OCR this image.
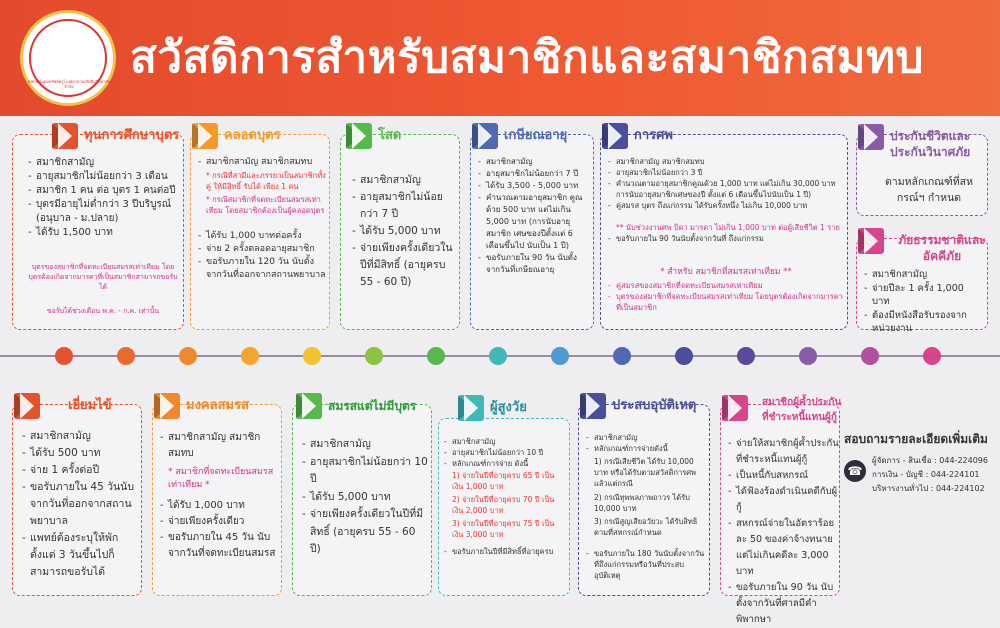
สหกรณ์ออมทรัพย์ครูโรงพยาบาลเลิดสินวิทยาลัย จำกัด
สวัสดิการสำหรับสมาชิกและสมาชิกสมทบ
ทุนการศึกษาบุตร
- สมาชิกสามัญ
- อายุสมาชิกไม่น้อยกว่า 3 เดือน
- สมาชิก 1 คน ต่อ บุตร 1 คนต่อปี
- บุตรมีอายุไม่ต่ำกว่า 3 ปีบริบูรณ์ (อนุบาล - ม.ปลาย)
- ได้รับ 1,500 บาท
บุตรของสมาชิกที่จดทะเบียนสมรสเท่าเทียม โดยบุตรต้องเกิดจากมารดาที่เป็นสมาชิกสามารถขอรับได้
ขอรับได้ช่วงเดือน พ.ค. - ก.ค. เท่านั้น
คลอดบุตร
- สมาชิกสามัญ สมาชิกสมทบ
* กรณีที่สามีและภรรยาเป็นสมาชิกทั้งคู่ ให้มีสิทธิ์ รับได้ เพียง 1 คน
* กรณีสมาชิกที่จดทะเบียนสมรสเท่าเทียม โดยสมาชิกต้องเป็นผู้คลอดบุตร
- ได้รับ 1,000 บาทต่อครั้ง
- จ่าย 2 ครั้งตลอดอายุสมาชิก
- ขอรับภายใน 120 วัน นับตั้งจากวันที่ออกจากสถานพยาบาล
โสด
- สมาชิกสามัญ
- อายุสมาชิกไม่น้อยกว่า 7 ปี
- ได้รับ 5,000 บาท
- จ่ายเพียงครั้งเดียวในปีที่มีสิทธิ์ (อายุครบ 55 - 60 ปี)
เกษียณอายุ
- สมาชิกสามัญ
- อายุสมาชิกไม่น้อยกว่า 7 ปี
- ได้รับ 3,500 - 5,000 บาท
- คำนวณตามอายุสมาชิก คูณด้วย 500 บาท แต่ไม่เกิน 5,000 บาท (การนับอายุสมาชิก เศษของปีตั้งแต่ 6 เดือนขึ้นไป นับเป็น 1 ปี)
- ขอรับภายใน 90 วัน นับตั้งจากวันที่เกษียณอายุ
การศพ
- สมาชิกสามัญ สมาชิกสมทบ
- อายุสมาชิกไม่น้อยกว่า 3 ปี
- คำนวณตามอายุสมาชิกคูณด้วย 1,000 บาท แต่ไม่เกิน 30,000 บาท การนับอายุสมาชิกเศษของปี ตั้งแต่ 6 เดือนขึ้นไปนับเป็น 1 ปี)
- คู่สมรส บุตร ถึงแก่กรรม ได้รับครั้งหนึ่ง ไม่เกิน 10,000 บาท
** นับช่วงงานศพ บิดา มารดา ไม่เกิน 1,000 บาท ต่อผู้เสียชีวิต 1 ราย
- ขอรับภายใน 90 วันนับตั้งจากวันที่ ถึงแก่กรรม
* สำหรับ สมาชิกที่สมรสเท่าเทียม **
- คู่สมรสของสมาชิกที่จดทะเบียนสมรสเท่าเทียม
- บุตรของสมาชิกที่จดทะเบียนสมรสเท่าเทียม โดยบุตรต้องเกิดจากมารดาที่เป็นสมาชิก
ประกันชีวิตและประกันวินาศภัย
ตามหลักเกณฑ์ที่สหกรณ์ฯ กำหนด
ภัยธรรมชาติและอัคคีภัย
- สมาชิกสามัญ
- จ่ายปีละ 1 ครั้ง 1,000 บาท
- ต้องมีหนังสือรับรองจากหน่วยงาน
เยี่ยมไข้
- สมาชิกสามัญ
- ได้รับ 500 บาท
- จ่าย 1 ครั้งต่อปี
- ขอรับภายใน 45 วันนับจากวันที่ออกจากสถานพยาบาล
- แพทย์ต้องระบุให้พักตั้งแต่ 3 วันขึ้นไปก็สามารถขอรับได้
มงคลสมรส
- สมาชิกสามัญ สมาชิกสมทบ
* สมาชิกที่จดทะเบียนสมรสเท่าเทียม *
- ได้รับ 1,000 บาท
- จ่ายเพียงครั้งเดียว
- ขอรับภายใน 45 วัน นับจากวันที่จดทะเบียนสมรส
สมรสแต่ไม่มีบุตร
- สมาชิกสามัญ
- อายุสมาชิกไม่น้อยกว่า 10 ปี
- ได้รับ 5,000 บาท
- จ่ายเพียงครั้งเดียวในปีที่มีสิทธิ์ (อายุครบ 55 - 60 ปี)
ผู้สูงวัย
- สมาชิกสามัญ
- อายุสมาชิกไม่น้อยกว่า 10 ปี
- หลักเกณฑ์การจ่าย ดังนี้
1) จ่ายในปีที่อายุครบ 65 ปี เป็นเงิน 1,000 บาท
2) จ่ายในปีที่อายุครบ 70 ปี เป็นเงิน 2,000 บาท
3) จ่ายในปีที่อายุครบ 75 ปี เป็นเงิน 3,000 บาท
- ขอรับภายในปีที่มีสิทธิ์ที่อายุครบ
ประสบอุบัติเหตุ
- สมาชิกสามัญ
- หลักเกณฑ์การจ่ายดังนี้
1) กรณีเสียชีวิต ได้รับ 10,000 บาท หรือได้รับตามสวัสดิการศพแล้วแต่กรณี
2) กรณีทุพพลภาพถาวร ได้รับ 10,000 บาท
3) กรณีสูญเสียอวัยวะ ได้รับสิทธิตามที่สหกรณ์กำหนด
- ขอรับภายใน 180 วันนับตั้งจากวันที่ถึงแก่กรรมหรือวันที่ประสบอุบัติเหตุ
สมาชิกผู้ค้ำประกันที่ชำระหนี้แทนผู้กู้
- จ่ายให้สมาชิกผู้ค้ำประกันที่ชำระหนี้แทนผู้กู้
- เป็นหนี้กับสหกรณ์
- ได้ฟ้องร้องดำเนินคดีกับผู้กู้
- สหกรณ์จ่ายในอัตราร้อยละ 50 ของค่าจ้างทนาย แต่ไม่เกินคดีละ 3,000 บาท
- ขอรับภายใน 90 วัน นับตั้งจากวันที่ศาลมีคำพิพากษา
สอบถามรายละเอียดเพิ่มเติม
☎
ผู้จัดการ - สินเชื่อ : 044-224096
การเงิน - บัญชี : 044-224101
บริหารงานทั่วไป : 044-224102
